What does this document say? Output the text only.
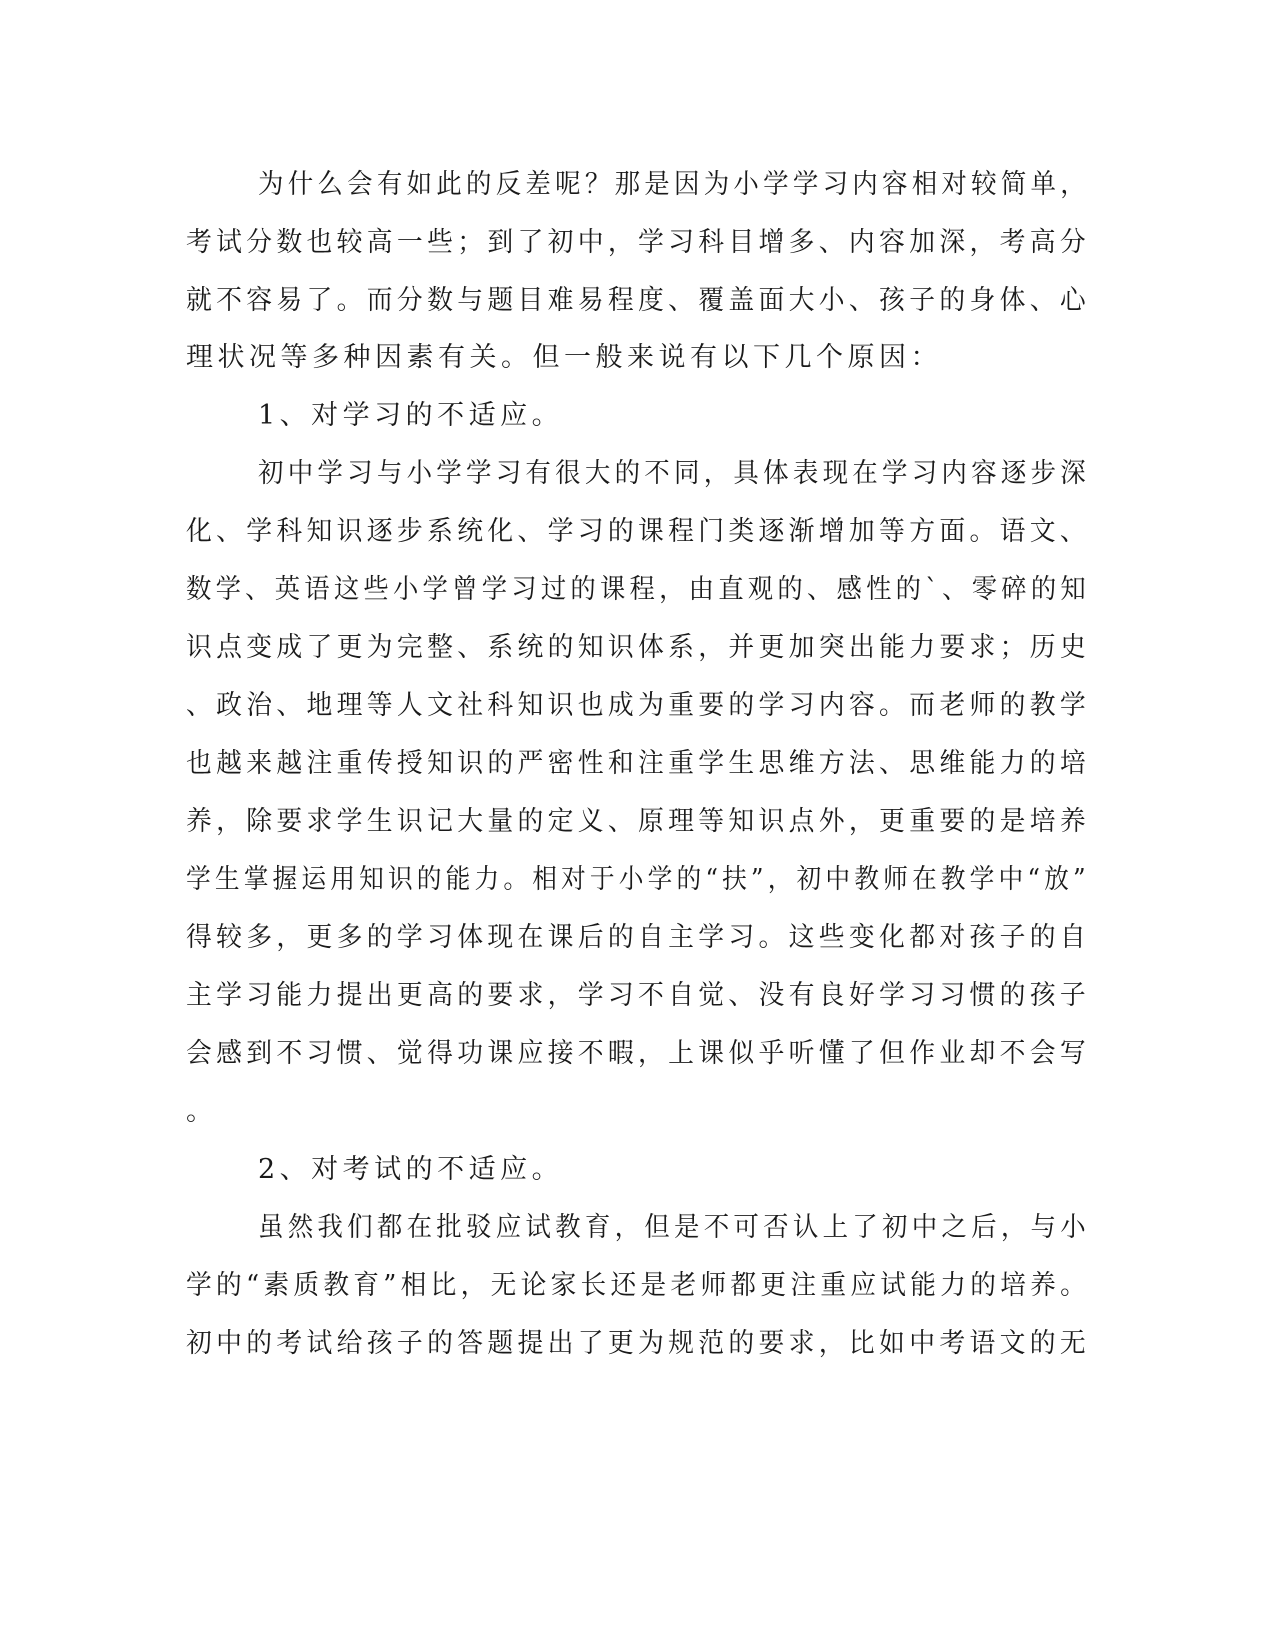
为什么会有如此的反差呢？那是因为小学学习内容相对较简单，
考试分数也较高一些；到了初中，学习科目增多、内容加深，考高分
就不容易了。而分数与题目难易程度、覆盖面大小、孩子的身体、心
理状况等多种因素有关。但一般来说有以下几个原因：
1、对学习的不适应。
初中学习与小学学习有很大的不同，具体表现在学习内容逐步深
化、学科知识逐步系统化、学习的课程门类逐渐增加等方面。语文、
数学、英语这些小学曾学习过的课程，由直观的、感性的`、零碎的知
识点变成了更为完整、系统的知识体系，并更加突出能力要求；历史
、政治、地理等人文社科知识也成为重要的学习内容。而老师的教学
也越来越注重传授知识的严密性和注重学生思维方法、思维能力的培
养，除要求学生识记大量的定义、原理等知识点外，更重要的是培养
学生掌握运用知识的能力。相对于小学的“扶”，初中教师在教学中“放”
得较多，更多的学习体现在课后的自主学习。这些变化都对孩子的自
主学习能力提出更高的要求，学习不自觉、没有良好学习习惯的孩子
会感到不习惯、觉得功课应接不暇，上课似乎听懂了但作业却不会写
。
2、对考试的不适应。
虽然我们都在批驳应试教育，但是不可否认上了初中之后，与小
学的“素质教育”相比，无论家长还是老师都更注重应试能力的培养。
初中的考试给孩子的答题提出了更为规范的要求，比如中考语文的无
